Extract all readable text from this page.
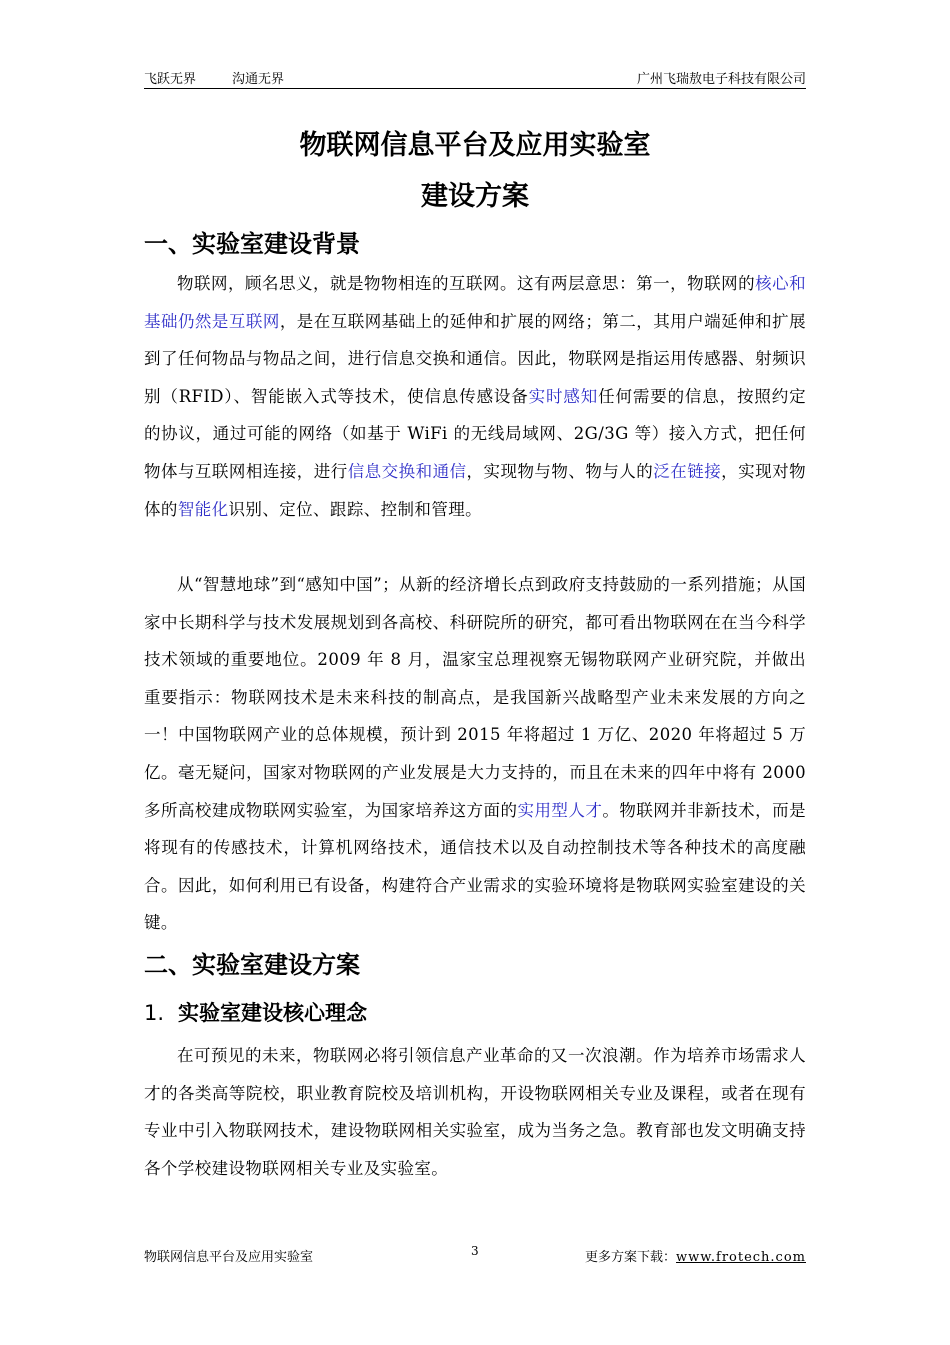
飞跃无界	沟通无界	广州飞瑞敖电子科技有限公司
物联网信息平台及应用实验室
建设方案
一、实验室建设背景

物联网，顾名思义，就是物物相连的互联网。这有两层意思：第一，物联网的核心和基础仍然是互联网，是在互联网基础上的延伸和扩展的网络；第二，其用户端延伸和扩展到了任何物品与物品之间，进行信息交换和通信。因此，物联网是指运用传感器、射频识别（RFID）、智能嵌入式等技术，使信息传感设备实时感知任何需要的信息，按照约定的协议，通过可能的网络（如基于 WiFi 的无线局域网、2G/3G 等）接入方式，把任何物体与互联网相连接，进行信息交换和通信，实现物与物、物与人的泛在链接，实现对物体的智能化识别、定位、跟踪、控制和管理。

从“智慧地球”到“感知中国”；从新的经济增长点到政府支持鼓励的一系列措施；从国家中长期科学与技术发展规划到各高校、科研院所的研究，都可看出物联网在在当今科学技术领域的重要地位。2009 年 8 月，温家宝总理视察无锡物联网产业研究院，并做出重要指示：物联网技术是未来科技的制高点，是我国新兴战略型产业未来发展的方向之一！中国物联网产业的总体规模，预计到 2015 年将超过 1 万亿、2020 年将超过 5 万亿。毫无疑问，国家对物联网的产业发展是大力支持的，而且在未来的四年中将有 2000 多所高校建成物联网实验室，为国家培养这方面的实用型人才。物联网并非新技术，而是将现有的传感技术，计算机网络技术，通信技术以及自动控制技术等各种技术的高度融合。因此，如何利用已有设备，构建符合产业需求的实验环境将是物联网实验室建设的关键。

二、实验室建设方案
1. 实验室建设核心理念

在可预见的未来，物联网必将引领信息产业革命的又一次浪潮。作为培养市场需求人才的各类高等院校，职业教育院校及培训机构，开设物联网相关专业及课程，或者在现有专业中引入物联网技术，建设物联网相关实验室，成为当务之急。教育部也发文明确支持各个学校建设物联网相关专业及实验室。

物联网信息平台及应用实验室	3	更多方案下载：www.frotech.com
